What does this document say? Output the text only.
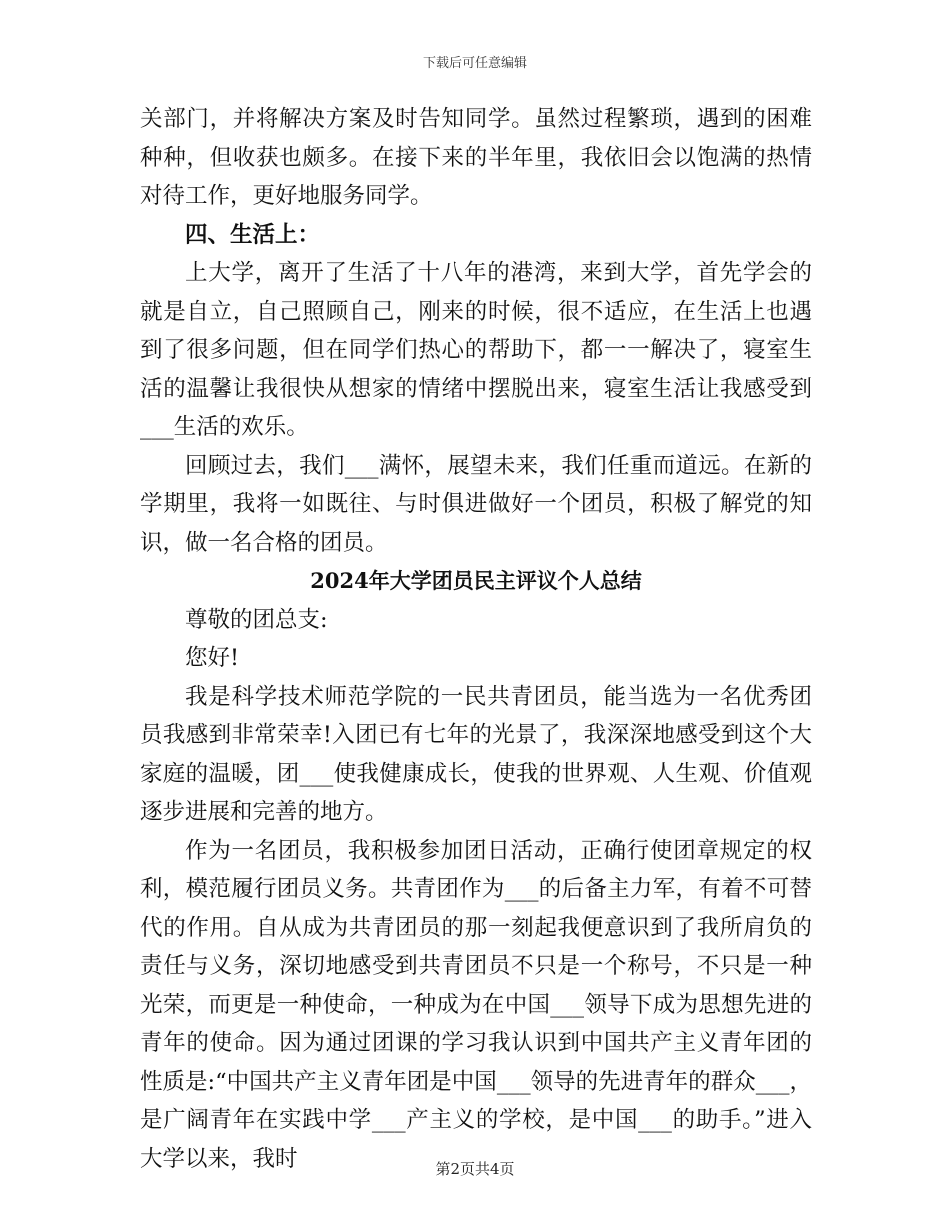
下载后可任意编辑

关部门，并将解决方案及时告知同学。虽然过程繁琐，遇到的困难种种，但收获也颇多。在接下来的半年里，我依旧会以饱满的热情对待工作，更好地服务同学。

四、生活上：

上大学，离开了生活了十八年的港湾，来到大学，首先学会的就是自立，自己照顾自己，刚来的时候，很不适应，在生活上也遇到了很多问题，但在同学们热心的帮助下，都一一解决了，寝室生活的温馨让我很快从想家的情绪中摆脱出来，寝室生活让我感受到___生活的欢乐。

回顾过去，我们___满怀，展望未来，我们任重而道远。在新的学期里，我将一如既往、与时俱进做好一个团员，积极了解党的知识，做一名合格的团员。

2024年大学团员民主评议个人总结

尊敬的团总支:

您好!

我是科学技术师范学院的一民共青团员，能当选为一名优秀团员我感到非常荣幸!入团已有七年的光景了，我深深地感受到这个大家庭的温暖，团___使我健康成长，使我的世界观、人生观、价值观逐步进展和完善的地方。

作为一名团员，我积极参加团日活动，正确行使团章规定的权利，模范履行团员义务。共青团作为___的后备主力军，有着不可替代的作用。自从成为共青团员的那一刻起我便意识到了我所肩负的责任与义务，深切地感受到共青团员不只是一个称号，不只是一种光荣，而更是一种使命，一种成为在中国___领导下成为思想先进的青年的使命。因为通过团课的学习我认识到中国共产主义青年团的性质是:“中国共产主义青年团是中国___领导的先进青年的群众___，是广阔青年在实践中学___产主义的学校，是中国___的助手。”进入大学以来，我时	第2页共4页
